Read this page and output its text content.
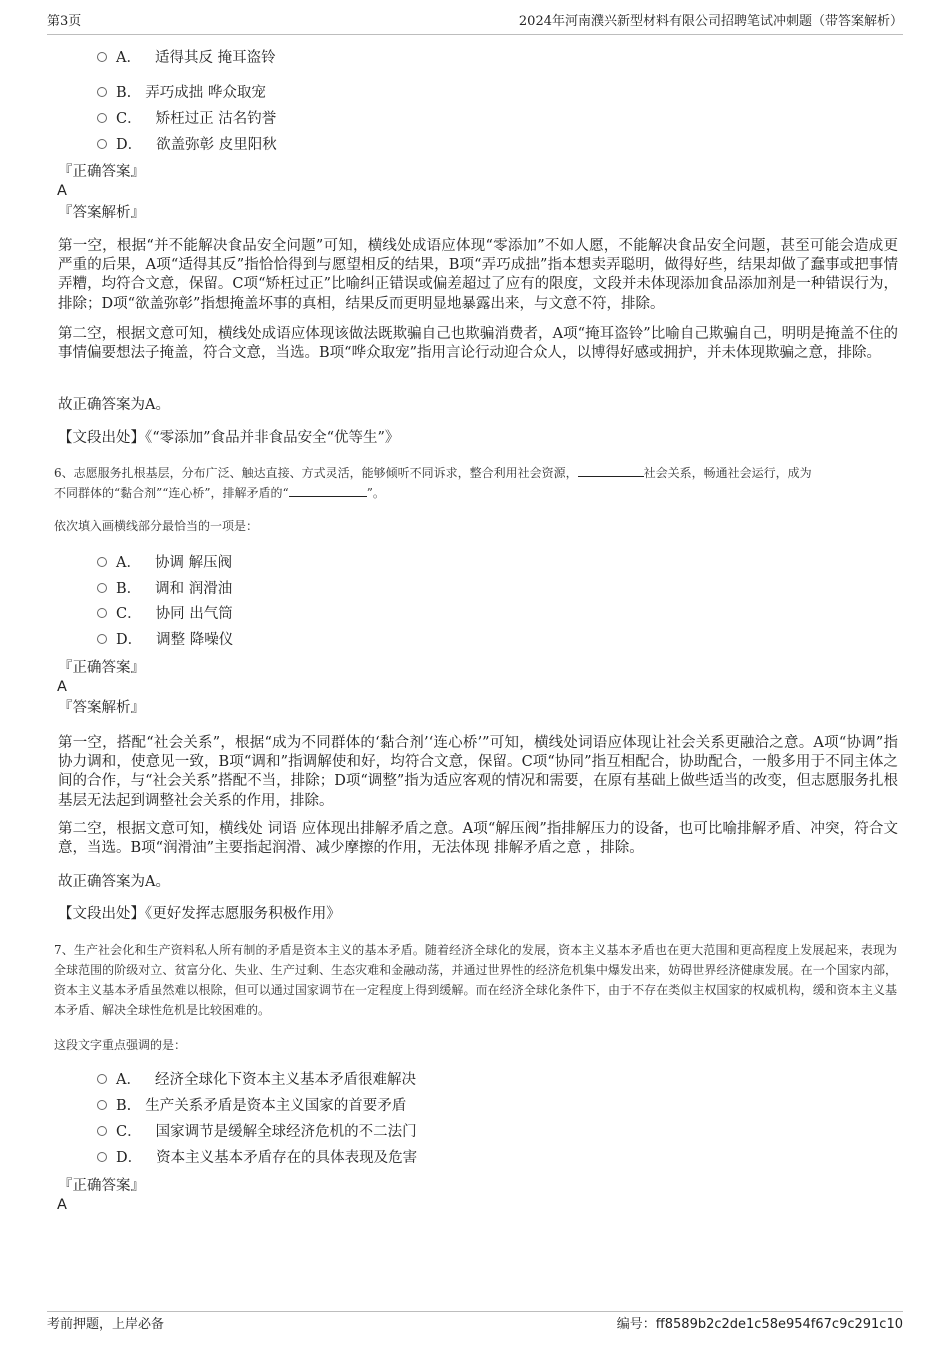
第3页	2024年河南濮兴新型材料有限公司招聘笔试冲刺题（带答案解析）
A． 适得其反 掩耳盗铃
B. 弄巧成拙 哗众取宠
C． 矫枉过正 沽名钓誉
D． 欲盖弥彰 皮里阳秋
『正确答案』
A
『答案解析』

第一空，根据“并不能解决食品安全问题”可知，横线处成语应体现“零添加”不如人愿，不能解决食品安全问题，甚至可能会造成更严重的后果，A项“适得其反”指恰恰得到与愿望相反的结果，B项“弄巧成拙”指本想卖弄聪明，做得好些，结果却做了蠢事或把事情弄糟，均符合文意，保留。C项“矫枉过正”比喻纠正错误或偏差超过了应有的限度，文段并未体现添加食品添加剂是一种错误行为，排除；D项“欲盖弥彰”指想掩盖坏事的真相，结果反而更明显地暴露出来，与文意不符，排除。

第二空，根据文意可知，横线处成语应体现该做法既欺骗自己也欺骗消费者，A项“掩耳盗铃”比喻自己欺骗自己，明明是掩盖不住的事情偏要想法子掩盖，符合文意，当选。B项“哗众取宠”指用言论行动迎合众人，以博得好感或拥护，并未体现欺骗之意，排除。

故正确答案为A。

【文段出处】《“零添加”食品并非食品安全“优等生”》
6、志愿服务扎根基层，分布广泛、触达直接、方式灵活，能够倾听不同诉求，整合利用社会资源，	社会关系，畅通社会运行，成为
不同群体的“黏合剂”“连心桥”，排解矛盾的“	”。
依次填入画横线部分最恰当的一项是：
A． 协调 解压阀
B． 调和 润滑油
C． 协同 出气筒
D． 调整 降噪仪
『正确答案』
A
『答案解析』

第一空，搭配“社会关系”，根据“成为不同群体的‘黏合剂’‘连心桥’”可知，横线处词语应体现让社会关系更融洽之意。A项“协调”指协力调和，使意见一致，B项“调和”指调解使和好，均符合文意，保留。C项“协同”指互相配合，协助配合，一般多用于不同主体之间的合作，与“社会关系”搭配不当，排除；D项“调整”指为适应客观的情况和需要，在原有基础上做些适当的改变，但志愿服务扎根基层无法起到调整社会关系的作用，排除。

第二空，根据文意可知，横线处 词语 应体现出排解矛盾之意。A项“解压阀”指排解压力的设备，也可比喻排解矛盾、冲突，符合文意，当选。B项“润滑油”主要指起润滑、减少摩擦的作用，无法体现 排解矛盾之意 ，排除。

故正确答案为A。

【文段出处】《更好发挥志愿服务积极作用》

7、生产社会化和生产资料私人所有制的矛盾是资本主义的基本矛盾。随着经济全球化的发展，资本主义基本矛盾也在更大范围和更高程度上发展起来，表现为全球范围的阶级对立、贫富分化、失业、生产过剩、生态灾难和金融动荡，并通过世界性的经济危机集中爆发出来，妨碍世界经济健康发展。在一个国家内部，资本主义基本矛盾虽然难以根除，但可以通过国家调节在一定程度上得到缓解。而在经济全球化条件下，由于不存在类似主权国家的权威机构，缓和资本主义基本矛盾、解决全球性危机是比较困难的。

这段文字重点强调的是：
A． 经济全球化下资本主义基本矛盾很难解决
B. 生产关系矛盾是资本主义国家的首要矛盾
C． 国家调节是缓解全球经济危机的不二法门
D． 资本主义基本矛盾存在的具体表现及危害
『正确答案』
A
考前押题，上岸必备	编号：ff8589b2c2de1c58e954f67c9c291c10
